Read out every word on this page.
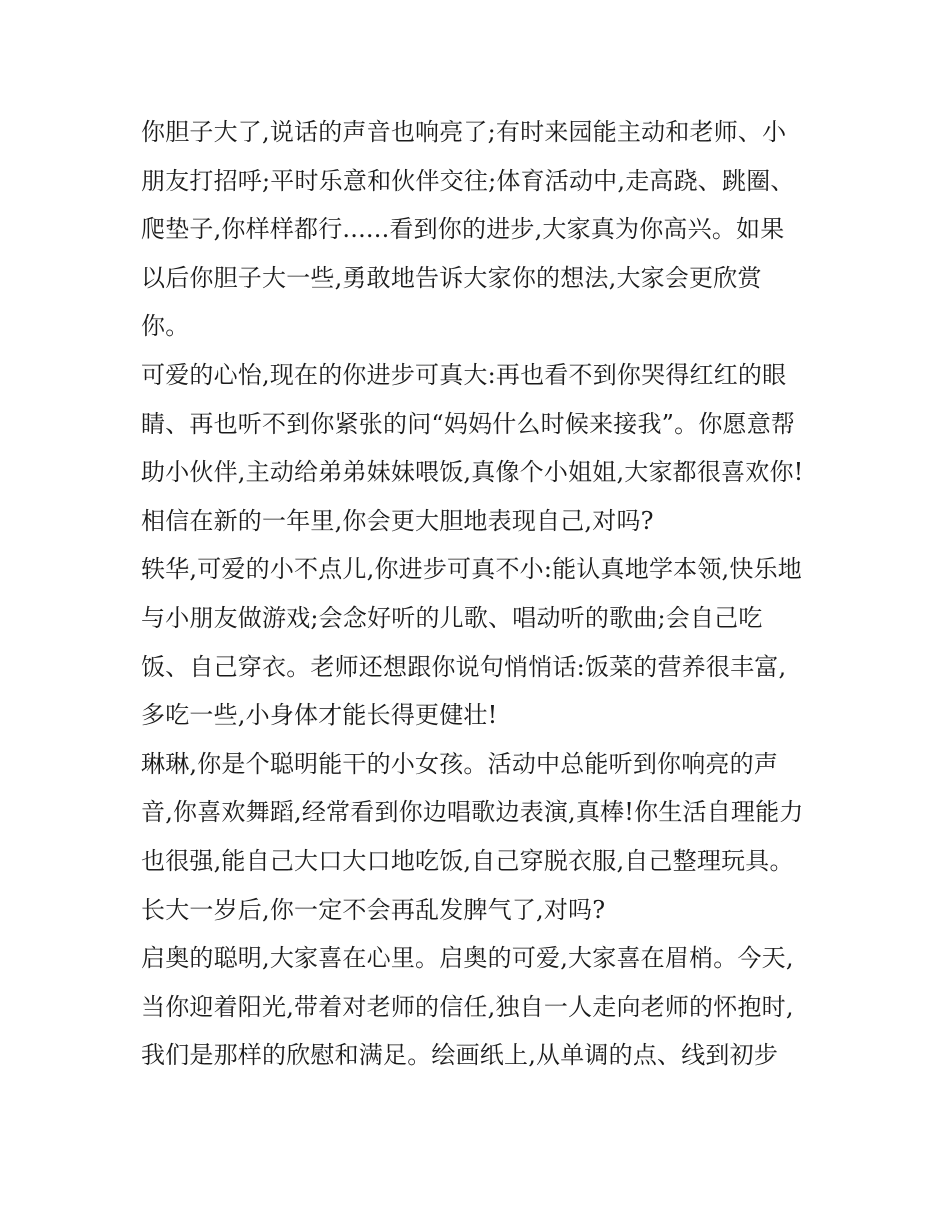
你胆子大了,说话的声音也响亮了;有时来园能主动和老师、小
朋友打招呼;平时乐意和伙伴交往;体育活动中,走高跷、跳圈、
爬垫子,你样样都行......看到你的进步,大家真为你高兴。如果
以后你胆子大一些,勇敢地告诉大家你的想法,大家会更欣赏
你。
可爱的心怡,现在的你进步可真大:再也看不到你哭得红红的眼
睛、再也听不到你紧张的问“妈妈什么时候来接我”。你愿意帮
助小伙伴,主动给弟弟妹妹喂饭,真像个小姐姐,大家都很喜欢你!
相信在新的一年里,你会更大胆地表现自己,对吗?
轶华,可爱的小不点儿,你进步可真不小:能认真地学本领,快乐地
与小朋友做游戏;会念好听的儿歌、唱动听的歌曲;会自己吃
饭、自己穿衣。老师还想跟你说句悄悄话:饭菜的营养很丰富,
多吃一些,小身体才能长得更健壮!
琳琳,你是个聪明能干的小女孩。活动中总能听到你响亮的声
音,你喜欢舞蹈,经常看到你边唱歌边表演,真棒!你生活自理能力
也很强,能自己大口大口地吃饭,自己穿脱衣服,自己整理玩具。
长大一岁后,你一定不会再乱发脾气了,对吗?
启奥的聪明,大家喜在心里。启奥的可爱,大家喜在眉梢。今天,
当你迎着阳光,带着对老师的信任,独自一人走向老师的怀抱时,
我们是那样的欣慰和满足。绘画纸上,从单调的点、线到初步
